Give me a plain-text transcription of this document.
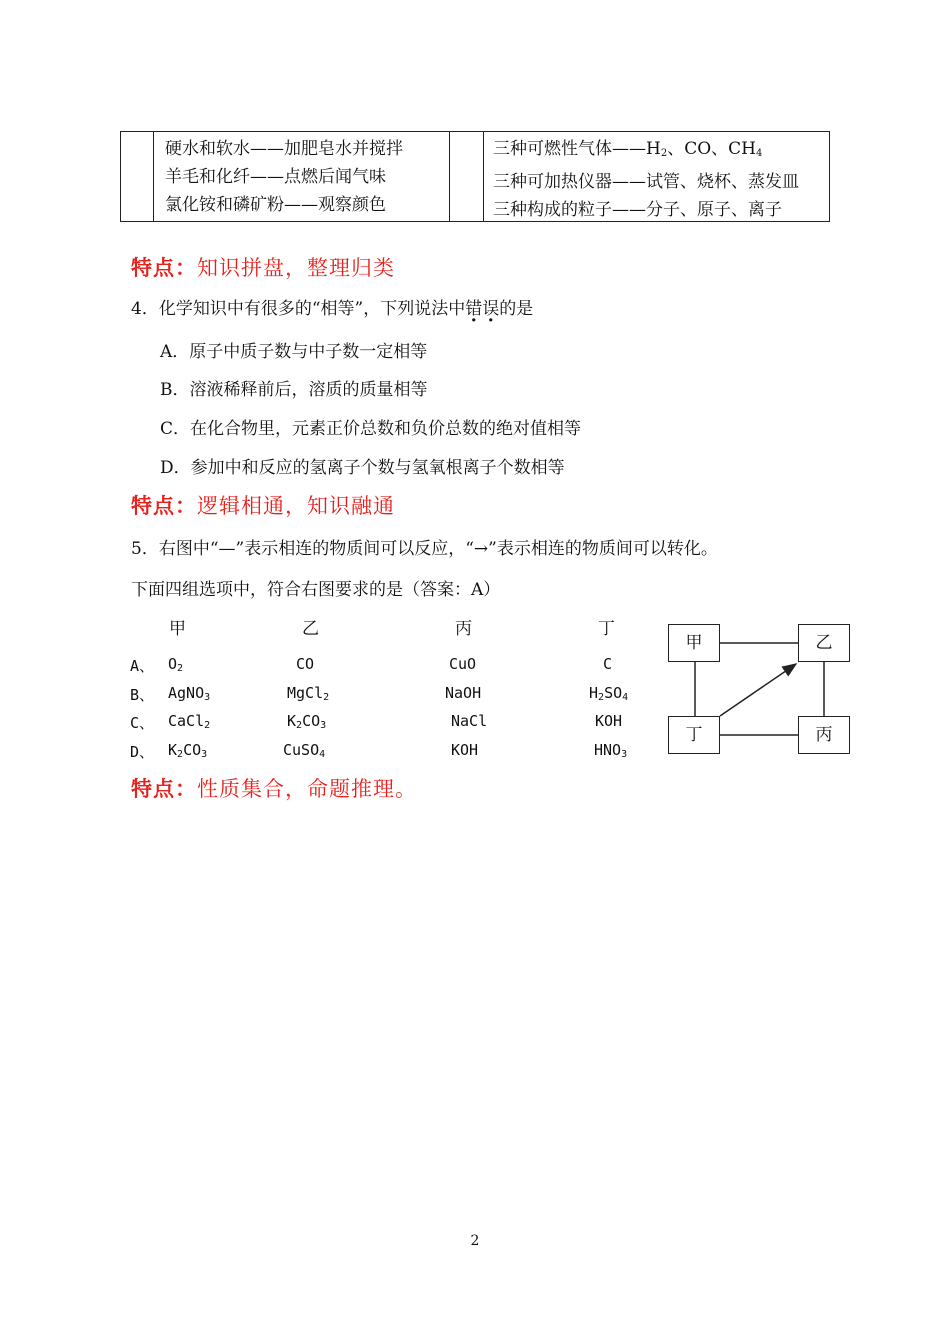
硬水和软水——加肥皂水并搅拌
羊毛和化纤——点燃后闻气味
氯化铵和磷矿粉——观察颜色
三种可燃性气体$——H_2$、CO、$CH_4$
三种可加热仪器——试管、烧杯、蒸发皿
三种构成的粒子——分子、原子、离子
特点：知识拼盘，整理归类
4．化学知识中有很多的“相等”，下列说法中错误的是
A．原子中质子数与中子数一定相等
B．溶液稀释前后，溶质的质量相等
C．在化合物里，元素正价总数和负价总数的绝对值相等
D．参加中和反应的氢离子个数与氢氧根离子个数相等
特点：逻辑相通，知识融通
5．右图中“—”表示相连的物质间可以反应，“→”表示相连的物质间可以转化。
下面四组选项中，符合右图要求的是（答案：A）
甲	乙	丙	丁
A、 $O_2$	CO	CuO	C
B、 AgNO$_3$	MgCl$_2$	NaOH	$H_2SO_4$
C、 CaCl$_2$	$K_2CO_3$	NaCl	KOH
D、 $K_2CO_3$	CuSO$_4$	KOH	$HNO_3$
甲	乙
丁	丙
特点：性质集合，命题推理。
2
